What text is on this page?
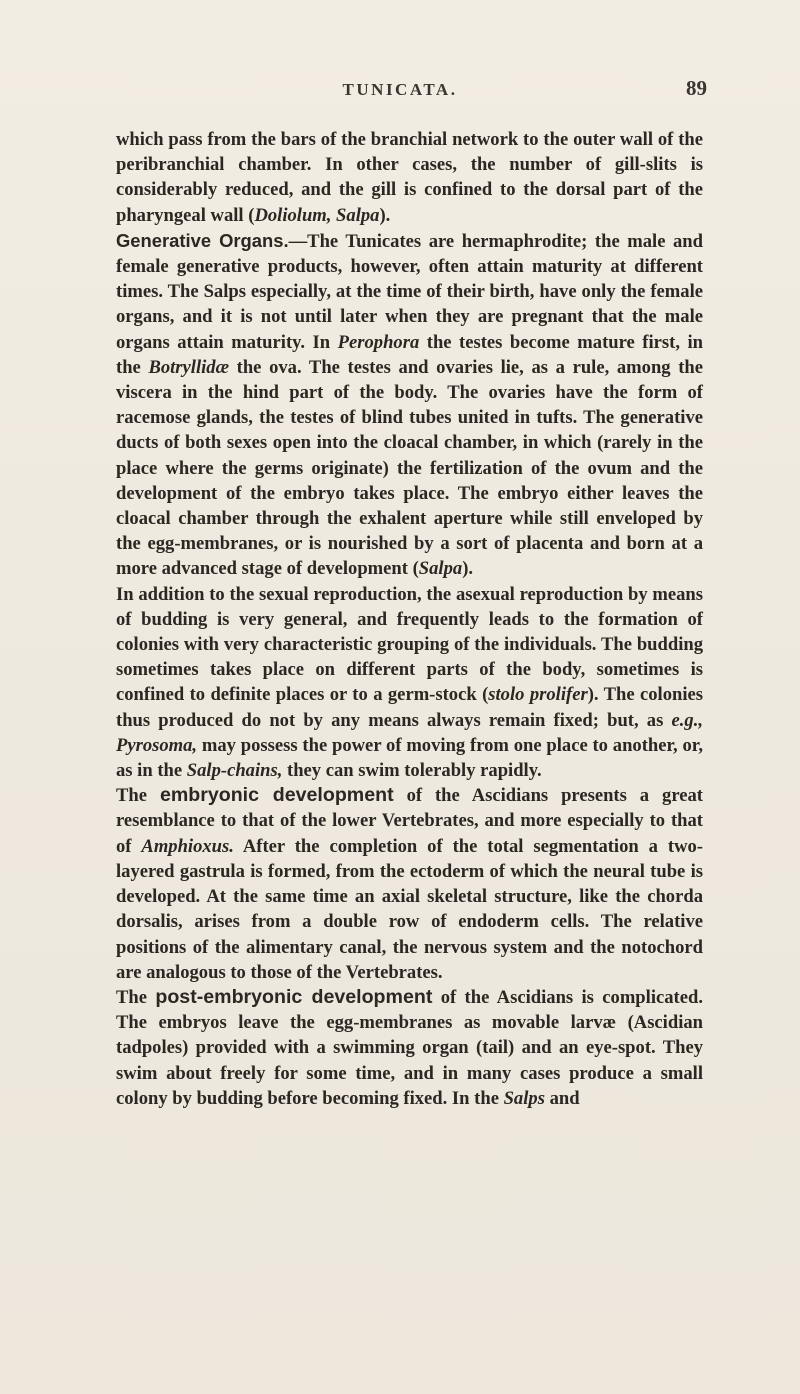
TUNICATA.	89

which pass from the bars of the branchial network to the outer wall of the peribranchial chamber. In other cases, the number of gill-slits is considerably reduced, and the gill is confined to the dorsal part of the pharyngeal wall (Doliolum, Salpa).

Generative Organs.—The Tunicates are hermaphrodite; the male and female generative products, however, often attain maturity at different times. The Salps especially, at the time of their birth, have only the female organs, and it is not until later when they are pregnant that the male organs attain maturity. In Perophora the testes become mature first, in the Botryllidæ the ova. The testes and ovaries lie, as a rule, among the viscera in the hind part of the body. The ovaries have the form of racemose glands, the testes of blind tubes united in tufts. The generative ducts of both sexes open into the cloacal chamber, in which (rarely in the place where the germs originate) the fertilization of the ovum and the development of the embryo takes place. The embryo either leaves the cloacal chamber through the exhalent aperture while still enveloped by the egg-membranes, or is nourished by a sort of placenta and born at a more advanced stage of development (Salpa).

In addition to the sexual reproduction, the asexual reproduction by means of budding is very general, and frequently leads to the formation of colonies with very characteristic grouping of the individuals. The budding sometimes takes place on different parts of the body, sometimes is confined to definite places or to a germ-stock (stolo prolifer). The colonies thus produced do not by any means always remain fixed; but, as e.g., Pyrosoma, may possess the power of moving from one place to another, or, as in the Salp-chains, they can swim tolerably rapidly.

The embryonic development of the Ascidians presents a great resemblance to that of the lower Vertebrates, and more especially to that of Amphioxus. After the completion of the total segmentation a two-layered gastrula is formed, from the ectoderm of which the neural tube is developed. At the same time an axial skeletal structure, like the chorda dorsalis, arises from a double row of endoderm cells. The relative positions of the alimentary canal, the nervous system and the notochord are analogous to those of the Vertebrates.

The post-embryonic development of the Ascidians is complicated. The embryos leave the egg-membranes as movable larvæ (Ascidian tadpoles) provided with a swimming organ (tail) and an eye-spot. They swim about freely for some time, and in many cases produce a small colony by budding before becoming fixed. In the Salps and
